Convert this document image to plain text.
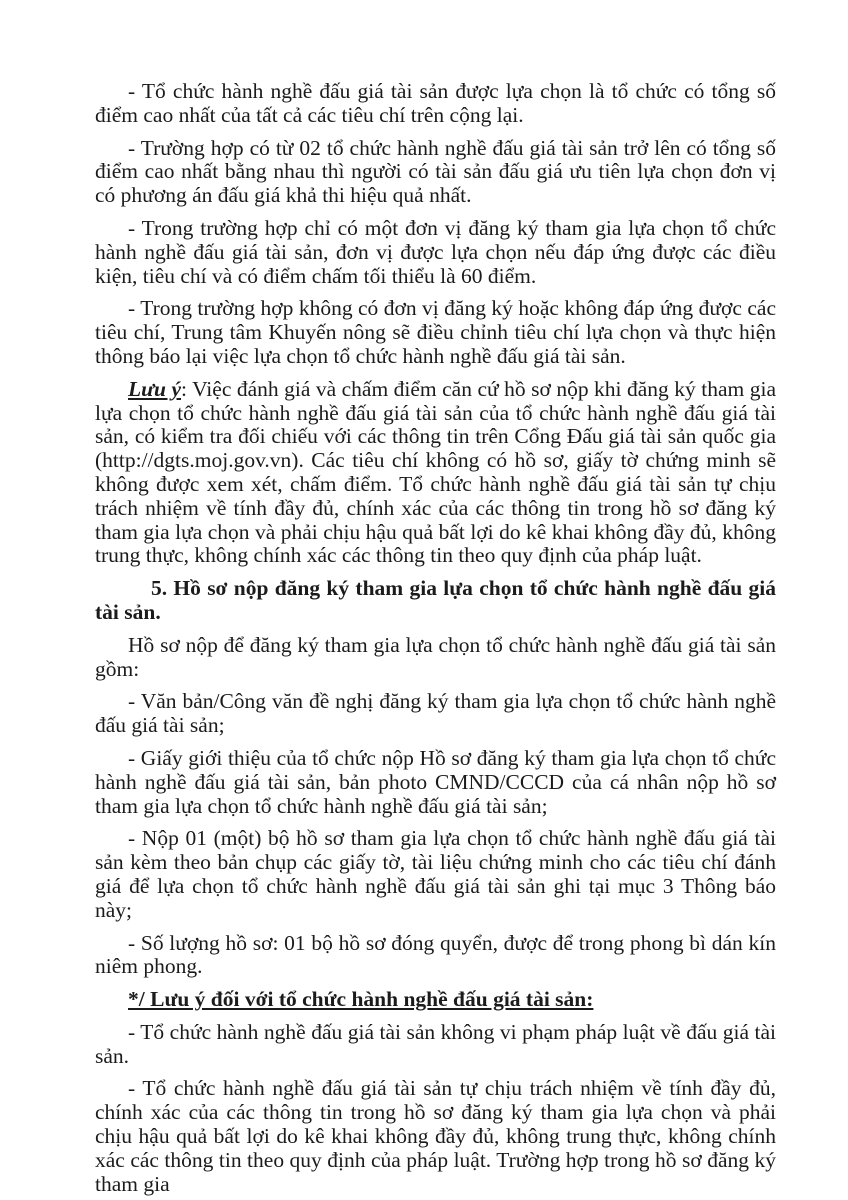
- Tổ chức hành nghề đấu giá tài sản được lựa chọn là tổ chức có tổng số điểm cao nhất của tất cả các tiêu chí trên cộng lại.

- Trường hợp có từ 02 tổ chức hành nghề đấu giá tài sản trở lên có tổng số điểm cao nhất bằng nhau thì người có tài sản đấu giá ưu tiên lựa chọn đơn vị có phương án đấu giá khả thi hiệu quả nhất.

- Trong trường hợp chỉ có một đơn vị đăng ký tham gia lựa chọn tổ chức hành nghề đấu giá tài sản, đơn vị được lựa chọn nếu đáp ứng được các điều kiện, tiêu chí và có điểm chấm tối thiểu là 60 điểm.

- Trong trường hợp không có đơn vị đăng ký hoặc không đáp ứng được các tiêu chí, Trung tâm Khuyến nông sẽ điều chỉnh tiêu chí lựa chọn và thực hiện thông báo lại việc lựa chọn tổ chức hành nghề đấu giá tài sản.

Lưu ý: Việc đánh giá và chấm điểm căn cứ hồ sơ nộp khi đăng ký tham gia lựa chọn tổ chức hành nghề đấu giá tài sản của tổ chức hành nghề đấu giá tài sản, có kiểm tra đối chiếu với các thông tin trên Cổng Đấu giá tài sản quốc gia (http://dgts.moj.gov.vn). Các tiêu chí không có hồ sơ, giấy tờ chứng minh sẽ không được xem xét, chấm điểm. Tổ chức hành nghề đấu giá tài sản tự chịu trách nhiệm về tính đầy đủ, chính xác của các thông tin trong hồ sơ đăng ký tham gia lựa chọn và phải chịu hậu quả bất lợi do kê khai không đầy đủ, không trung thực, không chính xác các thông tin theo quy định của pháp luật.

5. Hồ sơ nộp đăng ký tham gia lựa chọn tổ chức hành nghề đấu giá tài sản.

Hồ sơ nộp để đăng ký tham gia lựa chọn tổ chức hành nghề đấu giá tài sản gồm:

- Văn bản/Công văn đề nghị đăng ký tham gia lựa chọn tổ chức hành nghề đấu giá tài sản;

- Giấy giới thiệu của tổ chức nộp Hồ sơ đăng ký tham gia lựa chọn tổ chức hành nghề đấu giá tài sản, bản photo CMND/CCCD của cá nhân nộp hồ sơ tham gia lựa chọn tổ chức hành nghề đấu giá tài sản;

- Nộp 01 (một) bộ hồ sơ tham gia lựa chọn tổ chức hành nghề đấu giá tài sản kèm theo bản chụp các giấy tờ, tài liệu chứng minh cho các tiêu chí đánh giá để lựa chọn tổ chức hành nghề đấu giá tài sản ghi tại mục 3 Thông báo này;

- Số lượng hồ sơ: 01 bộ hồ sơ đóng quyển, được để trong phong bì dán kín niêm phong.

*/ Lưu ý đối với tổ chức hành nghề đấu giá tài sản:

- Tổ chức hành nghề đấu giá tài sản không vi phạm pháp luật về đấu giá tài sản.

- Tổ chức hành nghề đấu giá tài sản tự chịu trách nhiệm về tính đầy đủ, chính xác của các thông tin trong hồ sơ đăng ký tham gia lựa chọn và phải chịu hậu quả bất lợi do kê khai không đầy đủ, không trung thực, không chính xác các thông tin theo quy định của pháp luật. Trường hợp trong hồ sơ đăng ký tham gia
